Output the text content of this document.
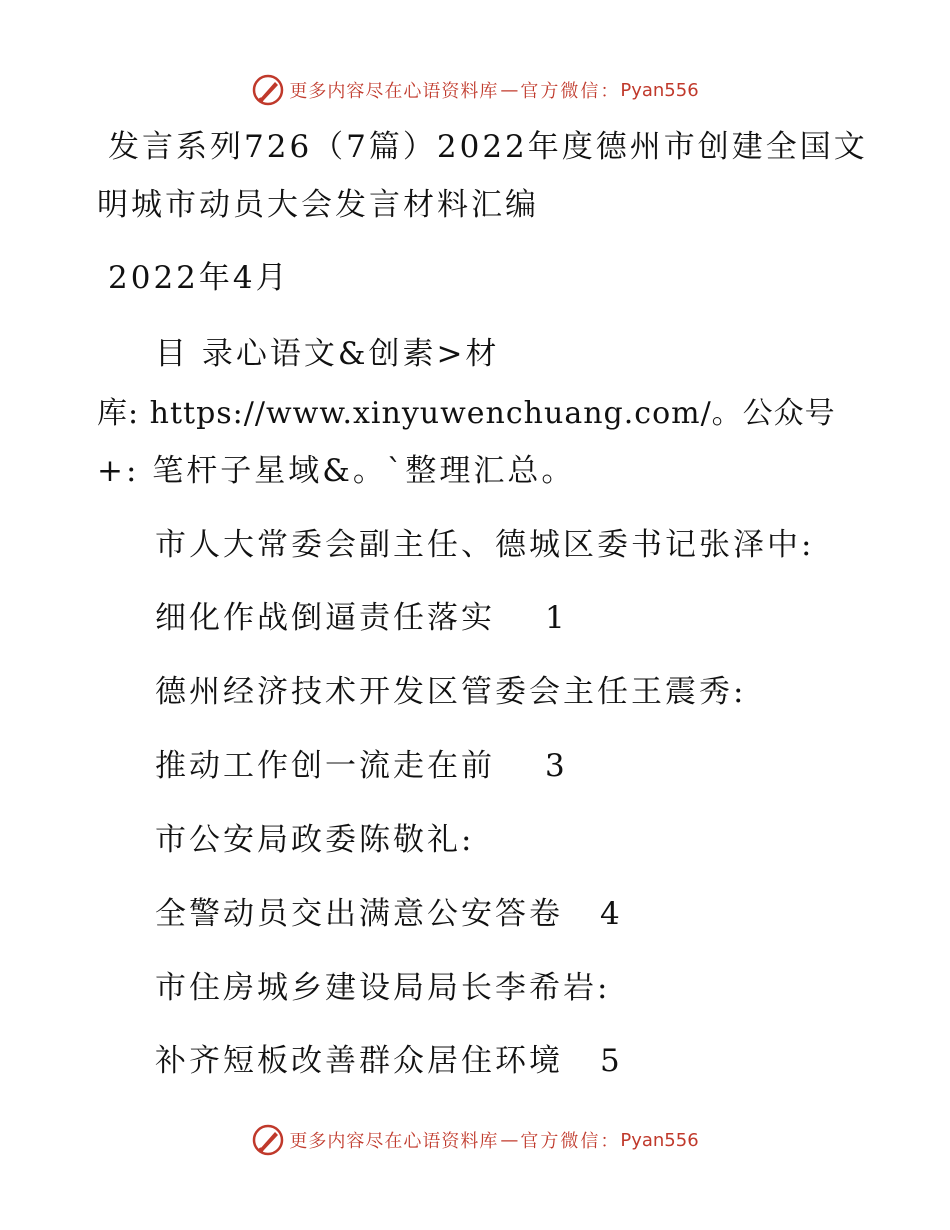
更多内容尽在心语资料库 — 官方微信： Pyan556
发言系列726（7篇）2022年度德州市创建全国文
明城市动员大会发言材料汇编
2022年4月
目 录心语文&创素>材
库: https://www.xinyuwenchuang.com/。公众号
+: 笔杆子星域&。`整理汇总。
市人大常委会副主任、德城区委书记张泽中:
细化作战倒逼责任落实 1
德州经济技术开发区管委会主任王震秀:
推动工作创一流走在前 3
市公安局政委陈敬礼:
全警动员交出满意公安答卷 4
市住房城乡建设局局长李希岩:
补齐短板改善群众居住环境 5
更多内容尽在心语资料库 — 官方微信： Pyan556
